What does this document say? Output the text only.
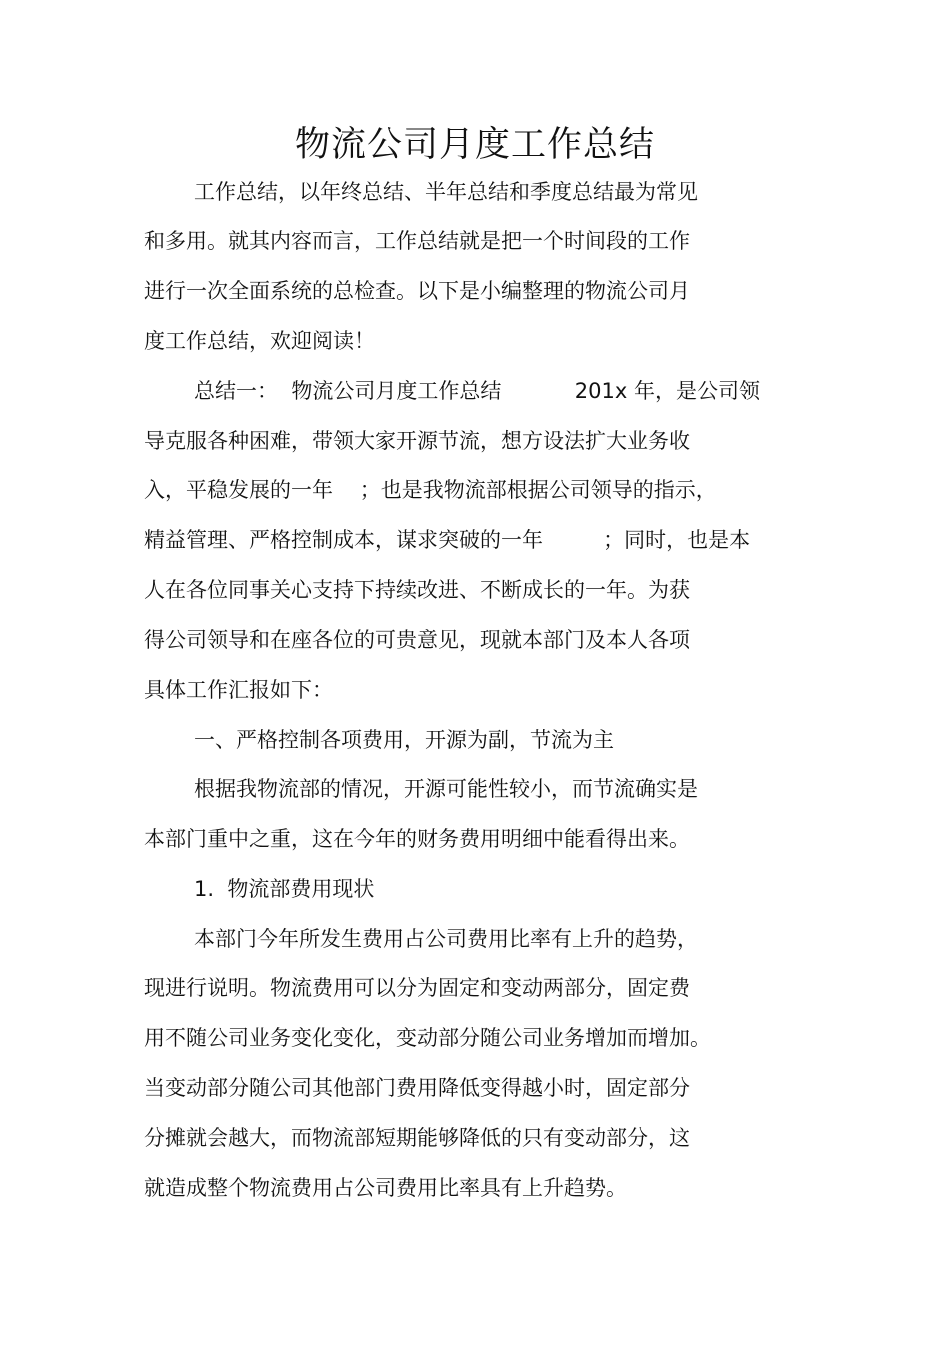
物流公司月度工作总结

工作总结，以年终总结、半年总结和季度总结最为常见

和多用。就其内容而言，工作总结就是把一个时间段的工作

进行一次全面系统的总检查。以下是小编整理的物流公司月

度工作总结，欢迎阅读！

总结一：  物流公司月度工作总结           201x 年，是公司领

导克服各种困难，带领大家开源节流，想方设法扩大业务收

入，平稳发展的一年    ；也是我物流部根据公司领导的指示，

精益管理、严格控制成本，谋求突破的一年         ；同时，也是本

人在各位同事关心支持下持续改进、不断成长的一年。为获

得公司领导和在座各位的可贵意见，现就本部门及本人各项

具体工作汇报如下：

一、严格控制各项费用，开源为副，节流为主

根据我物流部的情况，开源可能性较小，而节流确实是

本部门重中之重，这在今年的财务费用明细中能看得出来。

1.  物流部费用现状

本部门今年所发生费用占公司费用比率有上升的趋势，

现进行说明。物流费用可以分为固定和变动两部分，固定费

用不随公司业务变化变化，变动部分随公司业务增加而增加。

当变动部分随公司其他部门费用降低变得越小时，固定部分

分摊就会越大，而物流部短期能够降低的只有变动部分，这

就造成整个物流费用占公司费用比率具有上升趋势。
